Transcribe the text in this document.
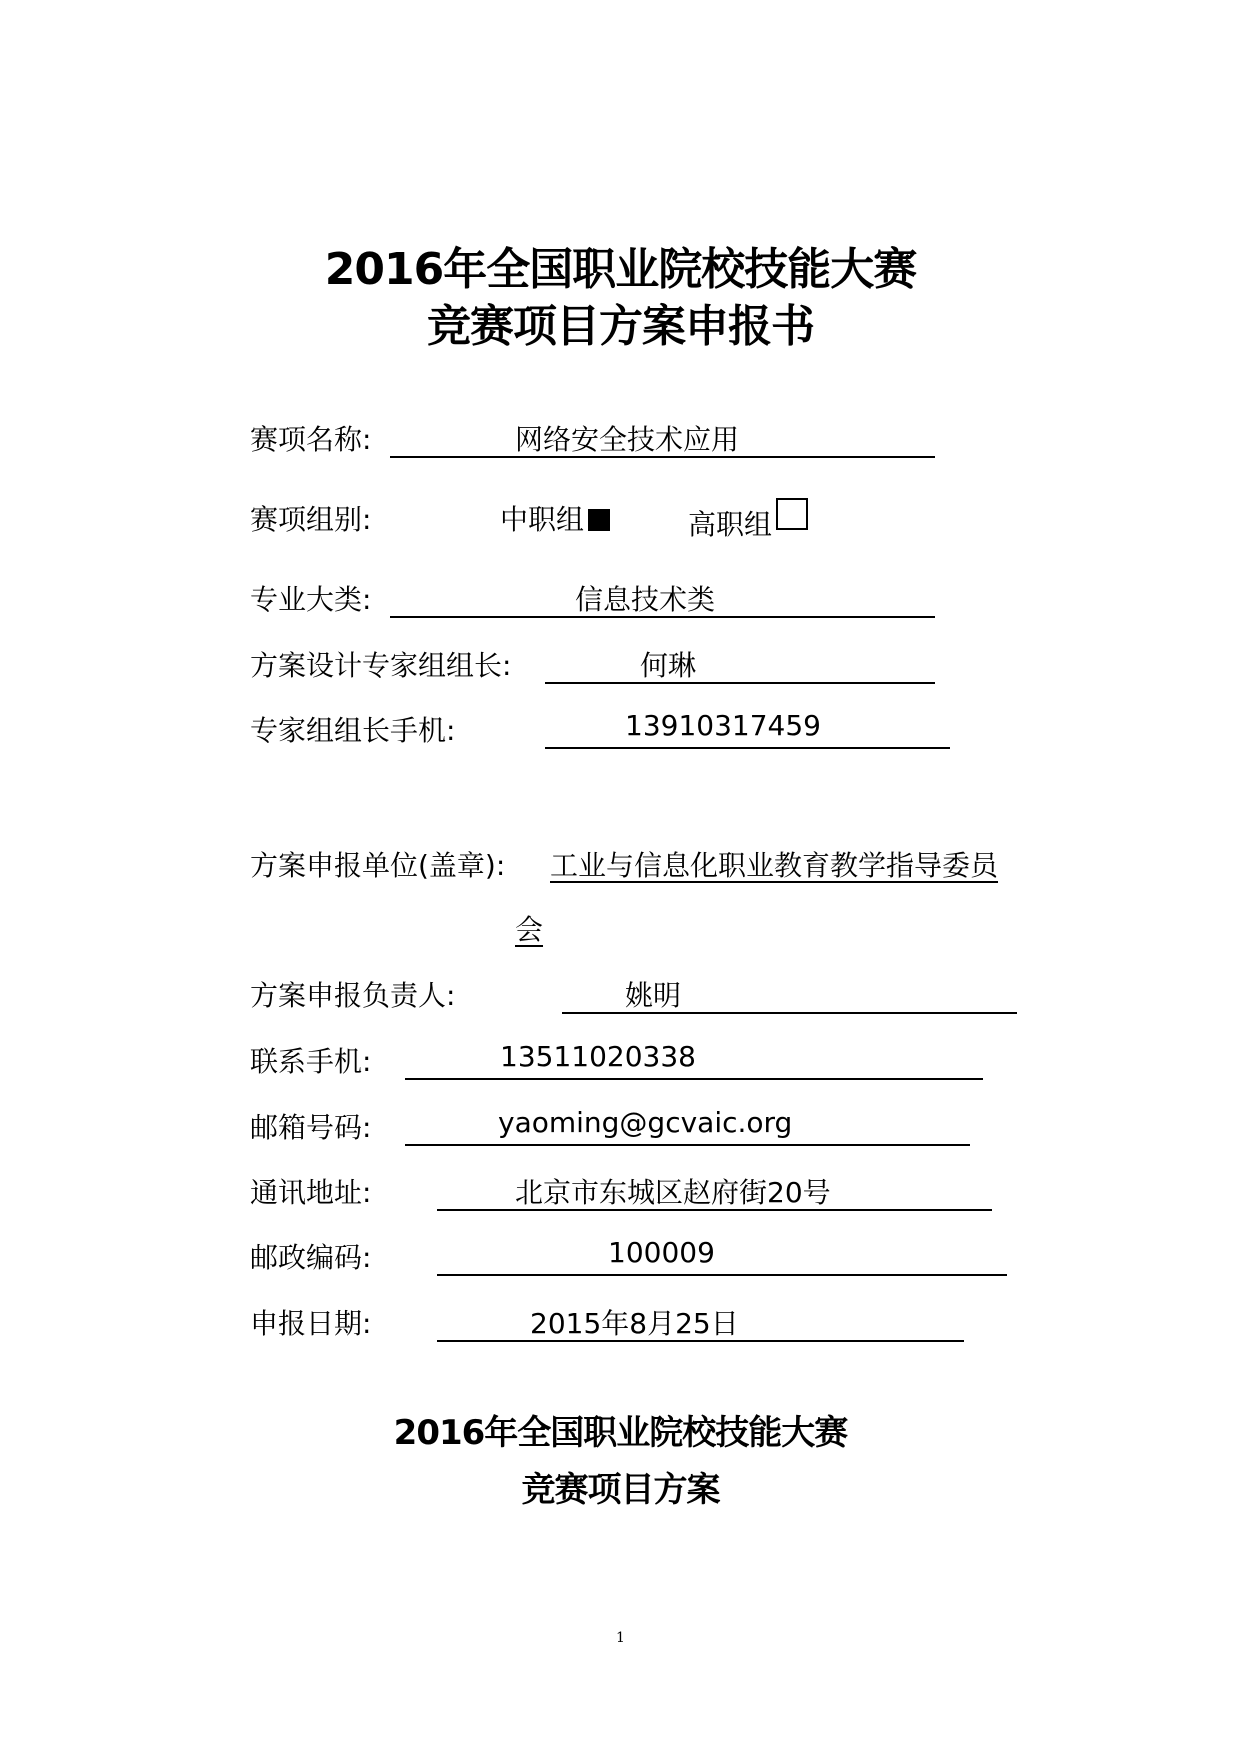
2016年全国职业院校技能大赛
竞赛项目方案申报书
赛项名称:	网络安全技术应用
赛项组别:	中职组	高职组
专业大类:	信息技术类
方案设计专家组组长:	何琳
专家组组长手机:	13910317459
方案申报单位(盖章): 工业与信息化职业教育教学指导委员
会
方案申报负责人:	姚明
联系手机:	13511020338
邮箱号码:	yaoming@gcvaic.org
通讯地址:	北京市东城区赵府街20号
邮政编码:	100009
申报日期:	2015年8月25日
2016年全国职业院校技能大赛
竞赛项目方案
1
